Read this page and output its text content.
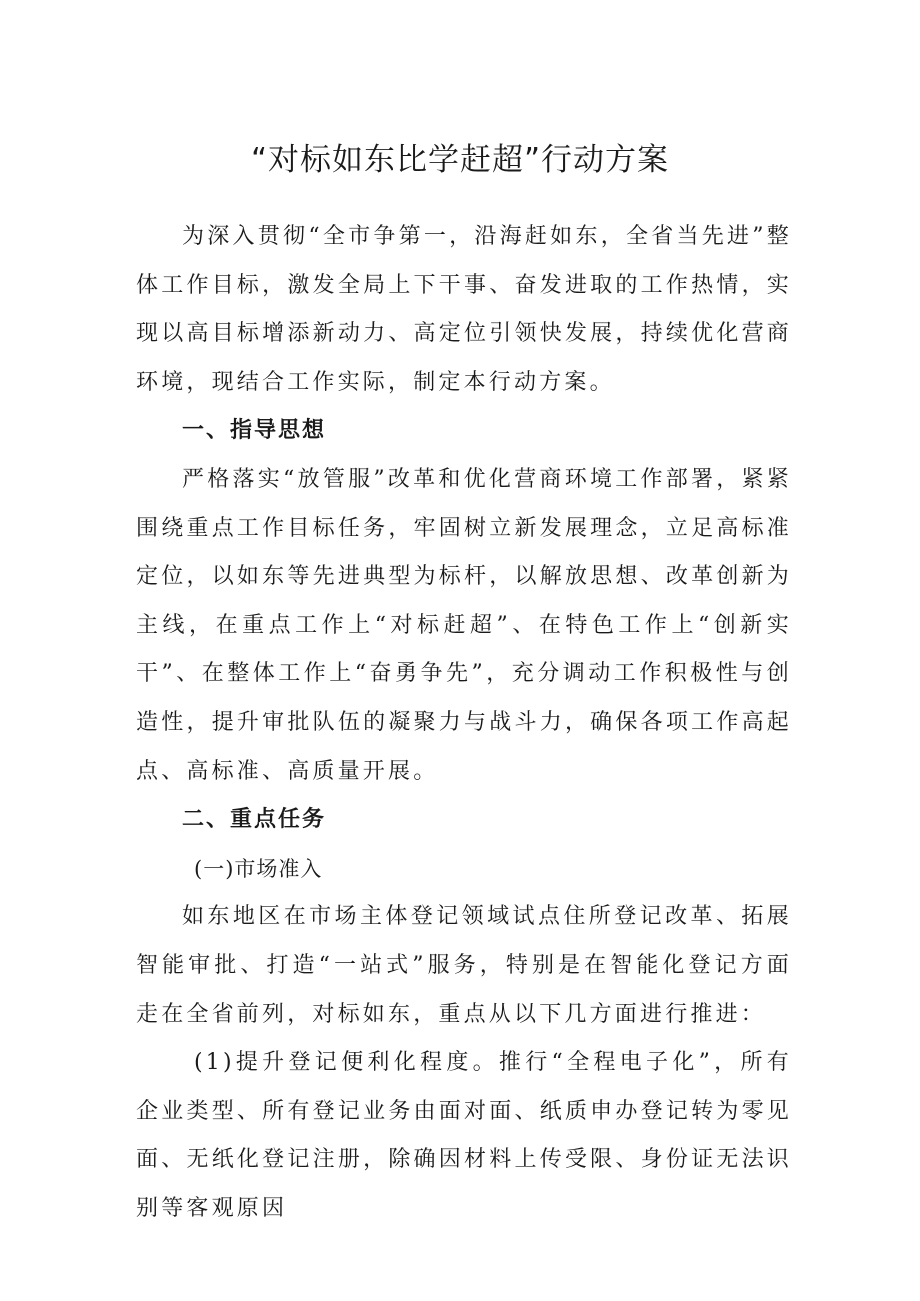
“对标如东比学赶超”行动方案

为深入贯彻“全市争第一，沿海赶如东，全省当先进”整体工作目标，激发全局上下干事、奋发进取的工作热情，实现以高目标增添新动力、高定位引领快发展，持续优化营商环境，现结合工作实际，制定本行动方案。

一、指导思想

严格落实“放管服”改革和优化营商环境工作部署，紧紧围绕重点工作目标任务，牢固树立新发展理念，立足高标准定位，以如东等先进典型为标杆，以解放思想、改革创新为主线，在重点工作上“对标赶超”、在特色工作上“创新实干”、在整体工作上“奋勇争先”，充分调动工作积极性与创造性，提升审批队伍的凝聚力与战斗力，确保各项工作高起点、高标准、高质量开展。

二、重点任务

(一)市场准入

如东地区在市场主体登记领域试点住所登记改革、拓展智能审批、打造“一站式”服务，特别是在智能化登记方面走在全省前列，对标如东，重点从以下几方面进行推进：

(1)提升登记便利化程度。推行“全程电子化”，所有企业类型、所有登记业务由面对面、纸质申办登记转为零见面、无纸化登记注册，除确因材料上传受限、身份证无法识别等客观原因
